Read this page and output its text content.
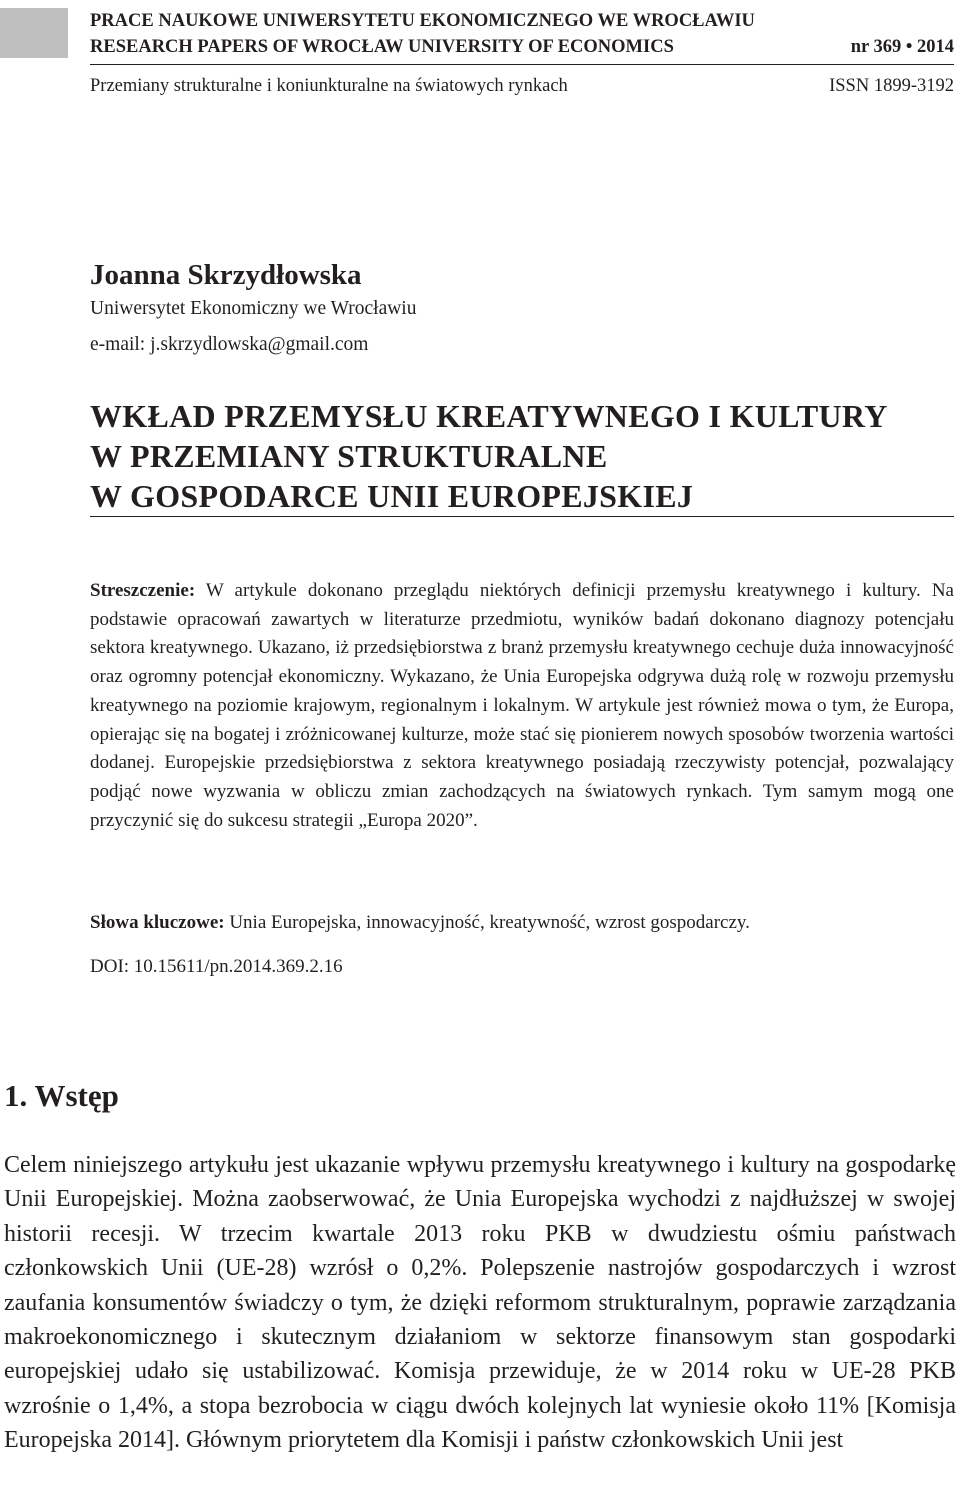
PRACE NAUKOWE UNIWERSYTETU EKONOMICZNEGO WE WROCŁAWIU
RESEARCH PAPERS OF WROCŁAW UNIVERSITY OF ECONOMICS	nr 369 • 2014
Przemiany strukturalne i koniunkturalne na światowych rynkach	ISSN 1899-3192
Joanna Skrzydłowska
Uniwersytet Ekonomiczny we Wrocławiu
e-mail: j.skrzydlowska@gmail.com
WKŁAD PRZEMYSŁU KREATYWNEGO I KULTURY
W PRZEMIANY STRUKTURALNE
W GOSPODARCE UNII EUROPEJSKIEJ
Streszczenie: W artykule dokonano przeglądu niektórych definicji przemysłu kreatywnego i kultury. Na podstawie opracowań zawartych w literaturze przedmiotu, wyników badań dokonano diagnozy potencjału sektora kreatywnego. Ukazano, iż przedsiębiorstwa z branż przemysłu kreatywnego cechuje duża innowacyjność oraz ogromny potencjał ekonomiczny. Wykazano, że Unia Europejska odgrywa dużą rolę w rozwoju przemysłu kreatywnego na poziomie krajowym, regionalnym i lokalnym. W artykule jest również mowa o tym, że Europa, opierając się na bogatej i zróżnicowanej kulturze, może stać się pionierem nowych sposobów tworzenia wartości dodanej. Europejskie przedsiębiorstwa z sektora kreatywnego posiadają rzeczywisty potencjał, pozwalający podjąć nowe wyzwania w obliczu zmian zachodzących na światowych rynkach. Tym samym mogą one przyczynić się do sukcesu strategii „Europa 2020”.
Słowa kluczowe: Unia Europejska, innowacyjność, kreatywność, wzrost gospodarczy.
DOI: 10.15611/pn.2014.369.2.16
1. Wstęp
Celem niniejszego artykułu jest ukazanie wpływu przemysłu kreatywnego i kultury na gospodarkę Unii Europejskiej. Można zaobserwować, że Unia Europejska wychodzi z najdłuższej w swojej historii recesji. W trzecim kwartale 2013 roku PKB w dwudziestu ośmiu państwach członkowskich Unii (UE-28) wzrósł o 0,2%. Polepszenie nastrojów gospodarczych i wzrost zaufania konsumentów świadczy o tym, że dzięki reformom strukturalnym, poprawie zarządzania makroekonomicznego i skutecznym działaniom w sektorze finansowym stan gospodarki europejskiej udało się ustabilizować. Komisja przewiduje, że w 2014 roku w UE-28 PKB wzrośnie o 1,4%, a stopa bezrobocia w ciągu dwóch kolejnych lat wyniesie około 11% [Komisja Europejska 2014]. Głównym priorytetem dla Komisji i państw członkowskich Unii jest
